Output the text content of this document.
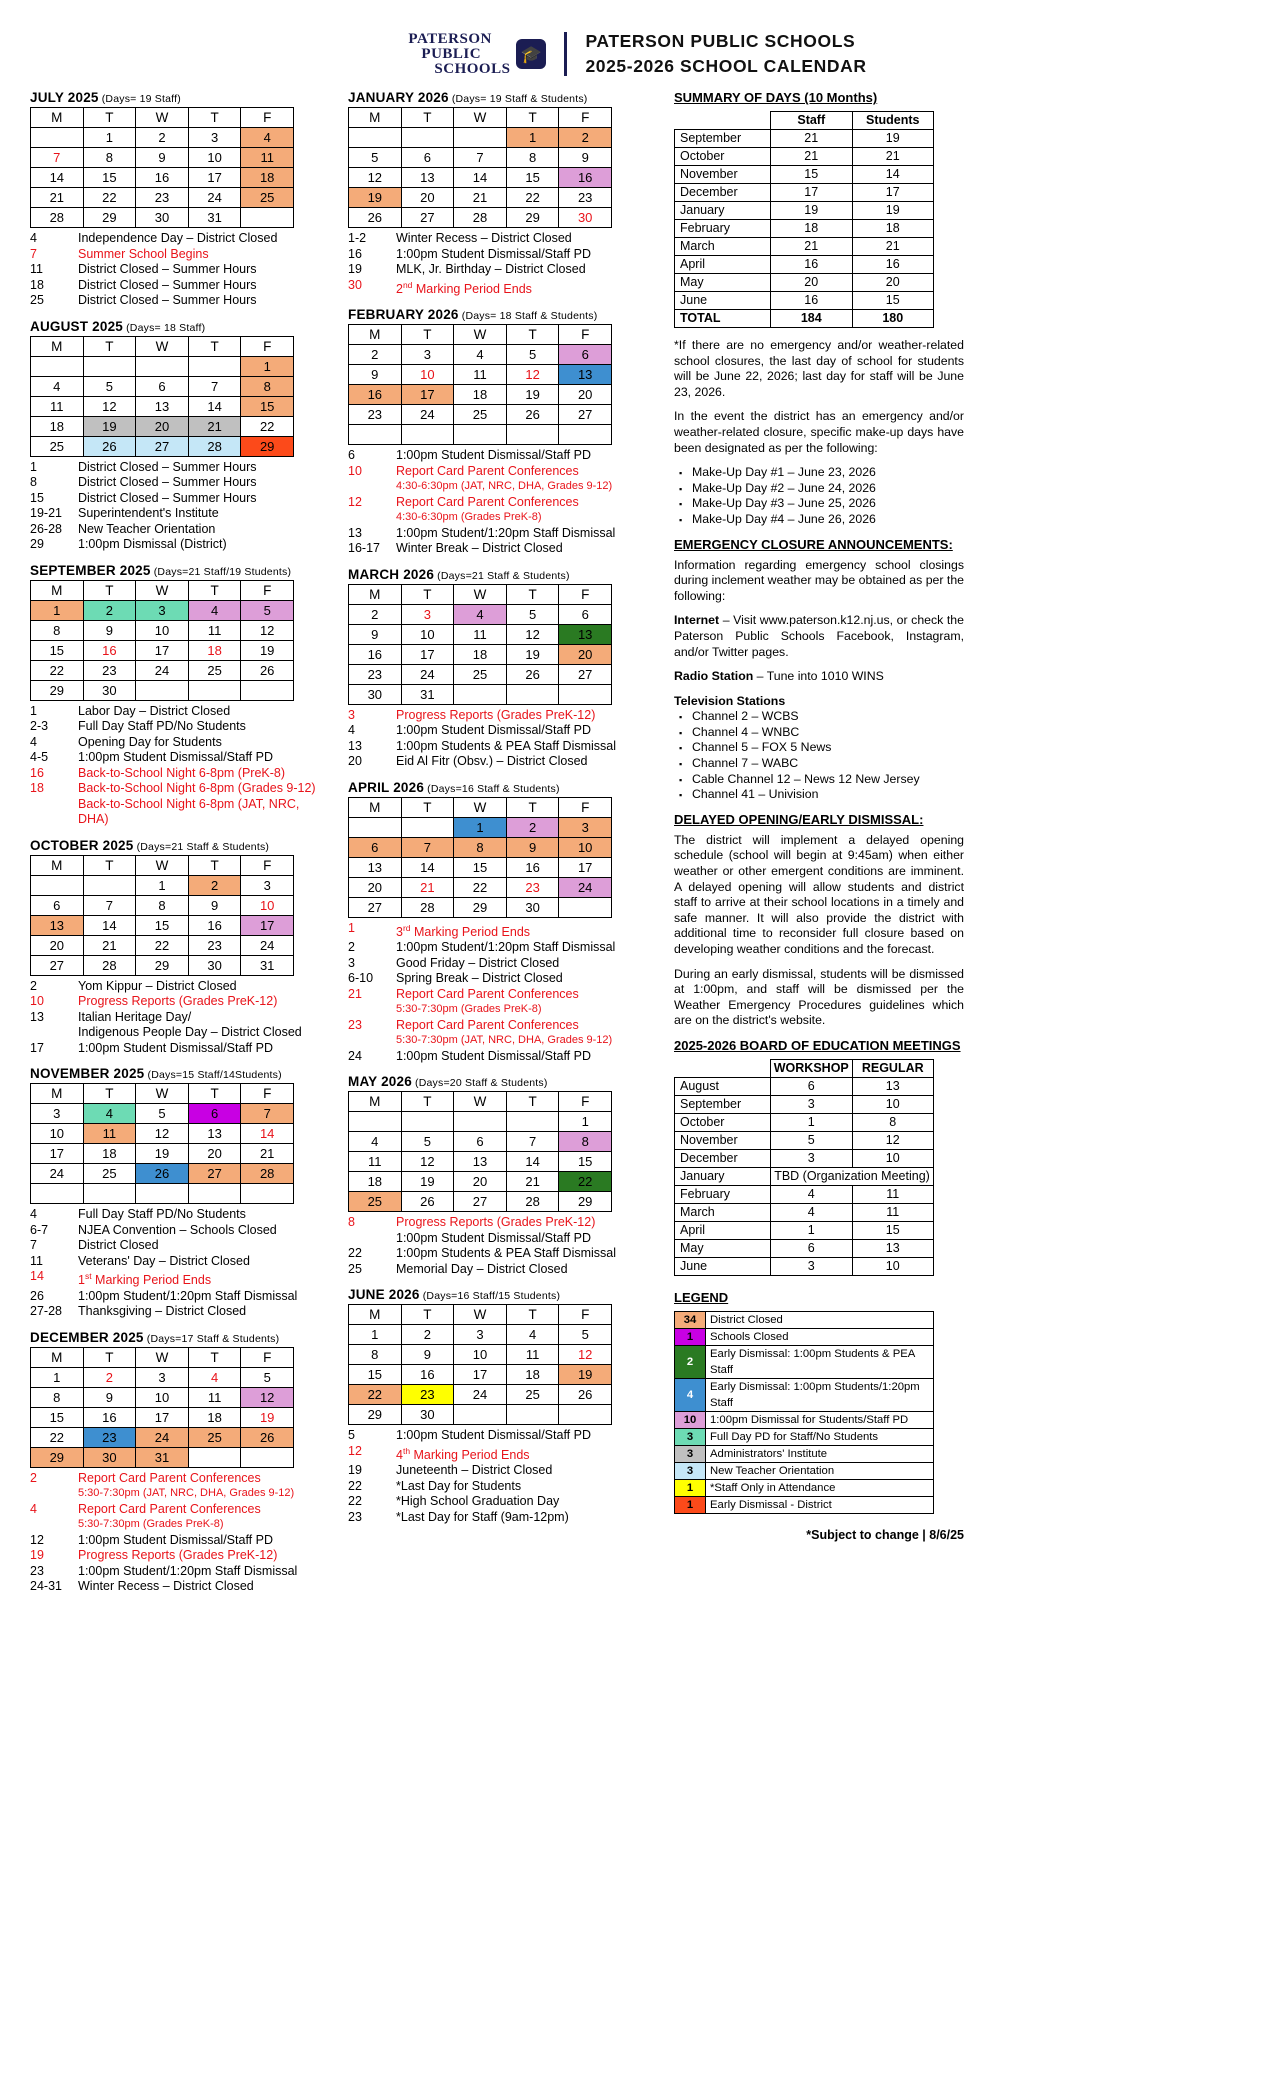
PATERSON
PUBLIC
SCHOOLS
🎓
PATERSON PUBLIC SCHOOLS
2025-2026 SCHOOL CALENDAR
JULY 2025 (Days= 19 Staff)
M	T	W	T	F
	1	2	3	4
7	8	9	10	11
14	15	16	17	18
21	22	23	24	25
28	29	30	31	
4	Independence Day – District Closed
7	Summer School Begins
11	District Closed – Summer Hours
18	District Closed – Summer Hours
25	District Closed – Summer Hours
AUGUST 2025 (Days= 18 Staff)
M	T	W	T	F
				1
4	5	6	7	8
11	12	13	14	15
18	19	20	21	22
25	26	27	28	29
1	District Closed – Summer Hours
8	District Closed – Summer Hours
15	District Closed – Summer Hours
19-21	Superintendent's Institute
26-28	New Teacher Orientation
29	1:00pm Dismissal (District)
SEPTEMBER 2025 (Days=21 Staff/19 Students)
M	T	W	T	F
1	2	3	4	5
8	9	10	11	12
15	16	17	18	19
22	23	24	25	26
29	30			
1	Labor Day – District Closed
2-3	Full Day Staff PD/No Students
4	Opening Day for Students
4-5	1:00pm Student Dismissal/Staff PD
16	Back-to-School Night 6-8pm (PreK-8)
18	Back-to-School Night 6-8pm (Grades 9-12)
Back-to-School Night 6-8pm (JAT, NRC, DHA)
OCTOBER 2025 (Days=21 Staff & Students)
M	T	W	T	F
		1	2	3
6	7	8	9	10
13	14	15	16	17
20	21	22	23	24
27	28	29	30	31
2	Yom Kippur – District Closed
10	Progress Reports (Grades PreK-12)
13	Italian Heritage Day/
Indigenous People Day – District Closed
17	1:00pm Student Dismissal/Staff PD
NOVEMBER 2025 (Days=15 Staff/14Students)
M	T	W	T	F
3	4	5	6	7
10	11	12	13	14
17	18	19	20	21
24	25	26	27	28

4	Full Day Staff PD/No Students
6-7	NJEA Convention – Schools Closed
7	District Closed
11	Veterans' Day – District Closed
14	1st Marking Period Ends
26	1:00pm Student/1:20pm Staff Dismissal
27-28	Thanksgiving – District Closed
DECEMBER 2025 (Days=17 Staff & Students)
M	T	W	T	F
1	2	3	4	5
8	9	10	11	12
15	16	17	18	19
22	23	24	25	26
29	30	31		
2	Report Card Parent Conferences
5:30-7:30pm (JAT, NRC, DHA, Grades 9-12)
4	Report Card Parent Conferences
5:30-7:30pm (Grades PreK-8)
12	1:00pm Student Dismissal/Staff PD
19	Progress Reports (Grades PreK-12)
23	1:00pm Student/1:20pm Staff Dismissal
24-31	Winter Recess – District Closed
JANUARY 2026 (Days= 19 Staff & Students)
M	T	W	T	F
			1	2
5	6	7	8	9
12	13	14	15	16
19	20	21	22	23
26	27	28	29	30
1-2	Winter Recess – District Closed
16	1:00pm Student Dismissal/Staff PD
19	MLK, Jr. Birthday – District Closed
30	2nd Marking Period Ends
FEBRUARY 2026 (Days= 18 Staff & Students)
M	T	W	T	F
2	3	4	5	6
9	10	11	12	13
16	17	18	19	20
23	24	25	26	27

6	1:00pm Student Dismissal/Staff PD
10	Report Card Parent Conferences
4:30-6:30pm (JAT, NRC, DHA, Grades 9-12)
12	Report Card Parent Conferences
4:30-6:30pm (Grades PreK-8)
13	1:00pm Student/1:20pm Staff Dismissal
16-17	Winter Break – District Closed
MARCH 2026 (Days=21 Staff & Students)
M	T	W	T	F
2	3	4	5	6
9	10	11	12	13
16	17	18	19	20
23	24	25	26	27
30	31			
3	Progress Reports (Grades PreK-12)
4	1:00pm Student Dismissal/Staff PD
13	1:00pm Students & PEA Staff Dismissal
20	Eid Al Fitr (Obsv.) – District Closed
APRIL 2026 (Days=16 Staff & Students)
M	T	W	T	F
		1	2	3
6	7	8	9	10
13	14	15	16	17
20	21	22	23	24
27	28	29	30	
1	3rd Marking Period Ends
2	1:00pm Student/1:20pm Staff Dismissal
3	Good Friday – District Closed
6-10	Spring Break – District Closed
21	Report Card Parent Conferences
5:30-7:30pm (Grades PreK-8)
23	Report Card Parent Conferences
5:30-7:30pm (JAT, NRC, DHA, Grades 9-12)
24	1:00pm Student Dismissal/Staff PD
MAY 2026 (Days=20 Staff & Students)
M	T	W	T	F
				1
4	5	6	7	8
11	12	13	14	15
18	19	20	21	22
25	26	27	28	29
8	Progress Reports (Grades PreK-12)
1:00pm Student Dismissal/Staff PD
22	1:00pm Students & PEA Staff Dismissal
25	Memorial Day – District Closed
JUNE 2026 (Days=16 Staff/15 Students)
M	T	W	T	F
1	2	3	4	5
8	9	10	11	12
15	16	17	18	19
22	23	24	25	26
29	30			
5	1:00pm Student Dismissal/Staff PD
12	4th Marking Period Ends
19	Juneteenth – District Closed
22	*Last Day for Students
22	*High School Graduation Day
23	*Last Day for Staff (9am-12pm)
SUMMARY OF DAYS (10 Months)
	Staff	Students
September	21	19
October	21	21
November	15	14
December	17	17
January	19	19
February	18	18
March	21	21
April	16	16
May	20	20
June	16	15
TOTAL	184	180

*If there are no emergency and/or weather-related school closures, the last day of school for students will be June 22, 2026; last day for staff will be June 23, 2026.

In the event the district has an emergency and/or weather-related closure, specific make-up days have been designated as per the following:

▪ Make-Up Day #1 – June 23, 2026
▪ Make-Up Day #2 – June 24, 2026
▪ Make-Up Day #3 – June 25, 2026
▪ Make-Up Day #4 – June 26, 2026
EMERGENCY CLOSURE ANNOUNCEMENTS:

Information regarding emergency school closings during inclement weather may be obtained as per the following:

Internet – Visit www.paterson.k12.nj.us, or check the Paterson Public Schools Facebook, Instagram, and/or Twitter pages.

Radio Station – Tune into 1010 WINS

Television Stations

▪ Channel 2 – WCBS
▪ Channel 4 – WNBC
▪ Channel 5 – FOX 5 News
▪ Channel 7 – WABC
▪ Cable Channel 12 – News 12 New Jersey
▪ Channel 41 – Univision
DELAYED OPENING/EARLY DISMISSAL:

The district will implement a delayed opening schedule (school will begin at 9:45am) when either weather or other emergent conditions are imminent. A delayed opening will allow students and district staff to arrive at their school locations in a timely and safe manner. It will also provide the district with additional time to reconsider full closure based on developing weather conditions and the forecast.

During an early dismissal, students will be dismissed at 1:00pm, and staff will be dismissed per the Weather Emergency Procedures guidelines which are on the district's website.

2025-2026 BOARD OF EDUCATION MEETINGS
	WORKSHOP	REGULAR
August	6	13
September	3	10
October	1	8
November	5	12
December	3	10
January	TBD (Organization Meeting)	
February	4	11
March	4	11
April	1	15
May	6	13
June	3	10
LEGEND
34	District Closed
1	Schools Closed
2	Early Dismissal: 1:00pm Students & PEA Staff
4	Early Dismissal: 1:00pm Students/1:20pm Staff
10	1:00pm Dismissal for Students/Staff PD
3	Full Day PD for Staff/No Students
3	Administrators' Institute
3	New Teacher Orientation
1	*Staff Only in Attendance
1	Early Dismissal - District
*Subject to change | 8/6/25
